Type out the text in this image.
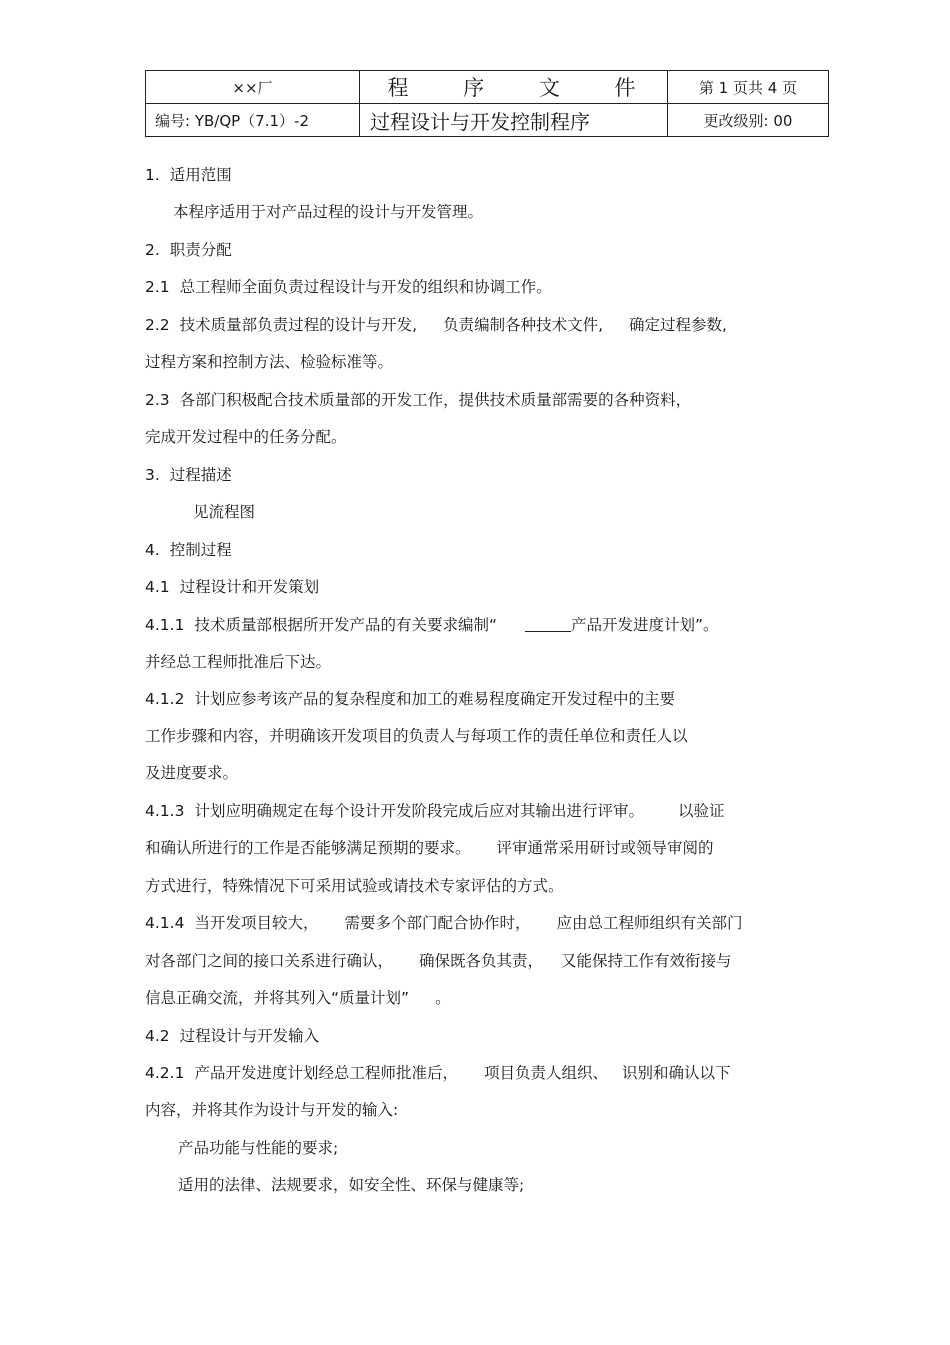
××厂	程 序 文 件	第 1 页共 4 页
编号: YB/QP（7.1）-2	过程设计与开发控制程序	更改级别: 00
1. 适用范围
本程序适用于对产品过程的设计与开发管理。
2. 职责分配
2.1 总工程师全面负责过程设计与开发的组织和协调工作。
2.2 技术质量部负责过程的设计与开发, 负责编制各种技术文件, 确定过程参数,
过程方案和控制方法、检验标准等。
2.3 各部门积极配合技术质量部的开发工作，提供技术质量部需要的各种资料，
完成开发过程中的任务分配。
3. 过程描述
见流程图
4. 控制过程
4.1 过程设计和开发策划
4.1.1 技术质量部根据所开发产品的有关要求编制“	产品开发进度计划”。
并经总工程师批准后下达。
4.1.2 计划应参考该产品的复杂程度和加工的难易程度确定开发过程中的主要
工作步骤和内容，并明确该开发项目的负责人与每项工作的责任单位和责任人以
及进度要求。
4.1.3 计划应明确规定在每个设计开发阶段完成后应对其输出进行评审。 以验证
和确认所进行的工作是否能够满足预期的要求。 评审通常采用研讨或领导审阅的
方式进行，特殊情况下可采用试验或请技术专家评估的方式。
4.1.4 当开发项目较大， 需要多个部门配合协作时， 应由总工程师组织有关部门
对各部门之间的接口关系进行确认， 确保既各负其责， 又能保持工作有效衔接与
信息正确交流，并将其列入“质量计划” 。
4.2 过程设计与开发输入
4.2.1 产品开发进度计划经总工程师批准后， 项目负责人组织、 识别和确认以下
内容，并将其作为设计与开发的输入:
产品功能与性能的要求;
适用的法律、法规要求，如安全性、环保与健康等;
